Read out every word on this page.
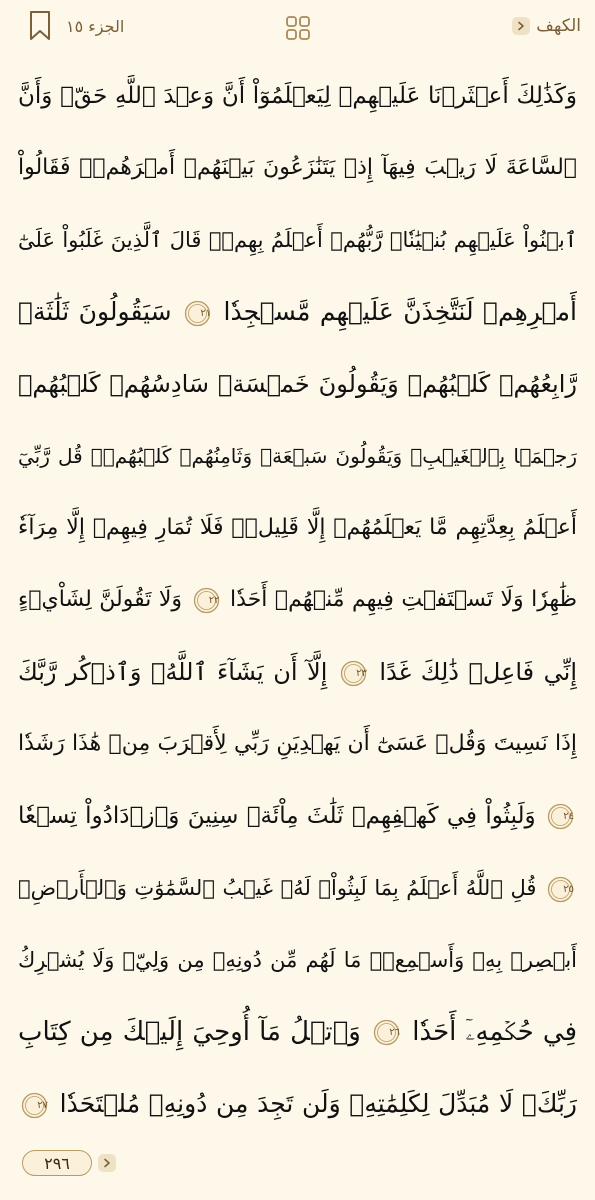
الكهف
الجزء ١٥
وَكَذَٰلِكَ أَعۡثَرۡنَا عَلَيۡهِمۡ لِيَعۡلَمُوٓاْ أَنَّ وَعۡدَ ٱللَّهِ حَقّٞ وَأَنَّ
ٱلسَّاعَةَ لَا رَيۡبَ فِيهَآ إِذۡ يَتَنَٰزَعُونَ بَيۡنَهُمۡ أَمۡرَهُمۡۖ فَقَالُواْ
ٱبۡنُواْ عَلَيۡهِم بُنۡيَٰنٗاۖ رَّبُّهُمۡ أَعۡلَمُ بِهِمۡۚ قَالَ ٱلَّذِينَ غَلَبُواْ عَلَىٰٓ
أَمۡرِهِمۡ لَنَتَّخِذَنَّ عَلَيۡهِم مَّسۡجِدٗا
٢١
سَيَقُولُونَ ثَلَٰثَةٞ
رَّابِعُهُمۡ كَلۡبُهُمۡ وَيَقُولُونَ خَمۡسَةٞ سَادِسُهُمۡ كَلۡبُهُمۡ
رَجۡمَۢا بِٱلۡغَيۡبِۖ وَيَقُولُونَ سَبۡعَةٞ وَثَامِنُهُمۡ كَلۡبُهُمۡۚ قُل رَّبِّيٓ
أَعۡلَمُ بِعِدَّتِهِم مَّا يَعۡلَمُهُمۡ إِلَّا قَلِيلٞۗ فَلَا تُمَارِ فِيهِمۡ إِلَّا مِرَآءٗ
ظَٰهِرٗا وَلَا تَسۡتَفۡتِ فِيهِم مِّنۡهُمۡ أَحَدٗا
٢٢
وَلَا تَقُولَنَّ لِشَاْيۡءٍ
إِنِّي فَاعِلٞ ذَٰلِكَ غَدًا
٢٣
إِلَّآ أَن يَشَآءَ ٱللَّهُۚ وَٱذۡكُر رَّبَّكَ
إِذَا نَسِيتَ وَقُلۡ عَسَىٰٓ أَن يَهۡدِيَنِ رَبِّي لِأَقۡرَبَ مِنۡ هَٰذَا رَشَدٗا
٢٤
وَلَبِثُواْ فِي كَهۡفِهِمۡ ثَلَٰثَ مِاْئَةٖ سِنِينَ وَٱزۡدَادُواْ تِسۡعٗا
٢٥
قُلِ ٱللَّهُ أَعۡلَمُ بِمَا لَبِثُواْۖ لَهُۥ غَيۡبُ ٱلسَّمَٰوَٰتِ وَٱلۡأَرۡضِۖ
أَبۡصِرۡ بِهِۦ وَأَسۡمِعۡۚ مَا لَهُم مِّن دُونِهِۦ مِن وَلِيّٖ وَلَا يُشۡرِكُ
فِي حُكۡمِهِۦٓ أَحَدٗا
٢٦
وَٱتۡلُ مَآ أُوحِيَ إِلَيۡكَ مِن كِتَابِ
رَبِّكَۖ لَا مُبَدِّلَ لِكَلِمَٰتِهِۦ وَلَن تَجِدَ مِن دُونِهِۦ مُلۡتَحَدٗا
٢٧
٢٩٦
